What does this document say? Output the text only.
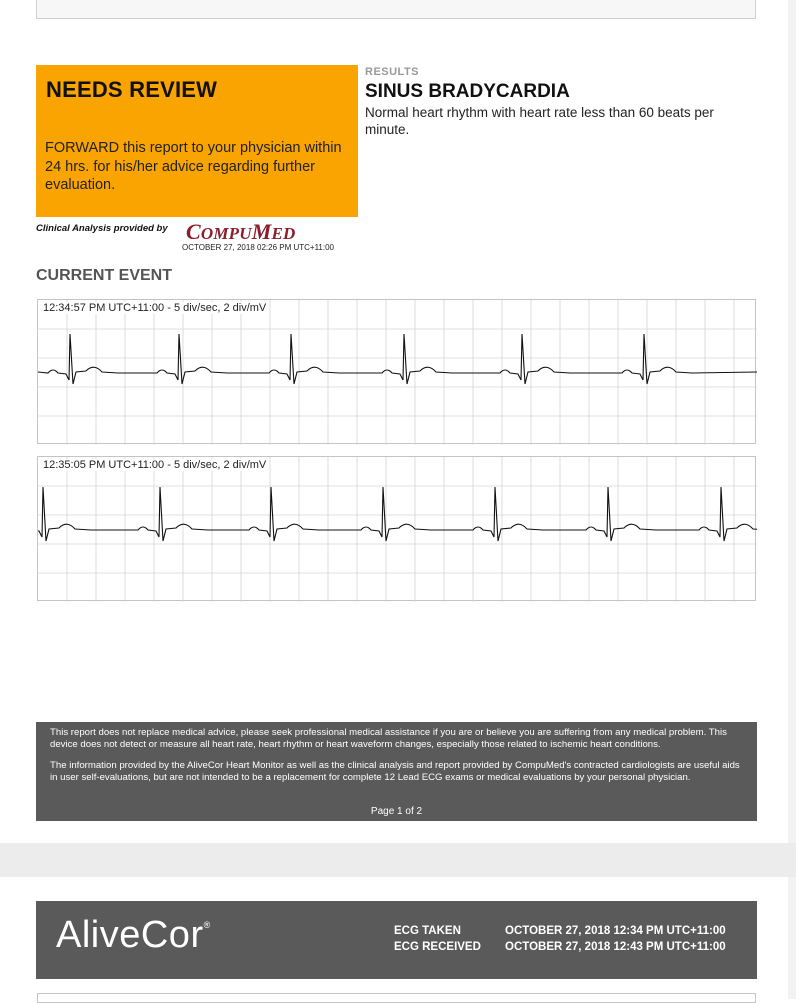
NEEDS REVIEW
FORWARD this report to your physician within 24 hrs. for his/her advice regarding further evaluation.
Clinical Analysis provided by COMPUMED
OCTOBER 27, 2018 02:26 PM UTC+11:00
RESULTS
SINUS BRADYCARDIA
Normal heart rhythm with heart rate less than 60 beats per minute.
CURRENT EVENT
12:34:57 PM UTC+11:00 - 5 div/sec, 2 div/mV
12:35:05 PM UTC+11:00 - 5 div/sec, 2 div/mV

This report does not replace medical advice, please seek professional medical assistance if you are or believe you are suffering from any medical problem. This device does not detect or measure all heart rate, heart rhythm or heart waveform changes, especially those related to ischemic heart conditions.

The information provided by the AliveCor Heart Monitor as well as the clinical analysis and report provided by CompuMed's contracted cardiologists are useful aids in user self-evaluations, but are not intended to be a replacement for complete 12 Lead ECG exams or medical evaluations by your personal physician.

Page 1 of 2
AliveCor®	ECG TAKEN	OCTOBER 27, 2018 12:34 PM UTC+11:00
ECG RECEIVED OCTOBER 27, 2018 12:43 PM UTC+11:00
